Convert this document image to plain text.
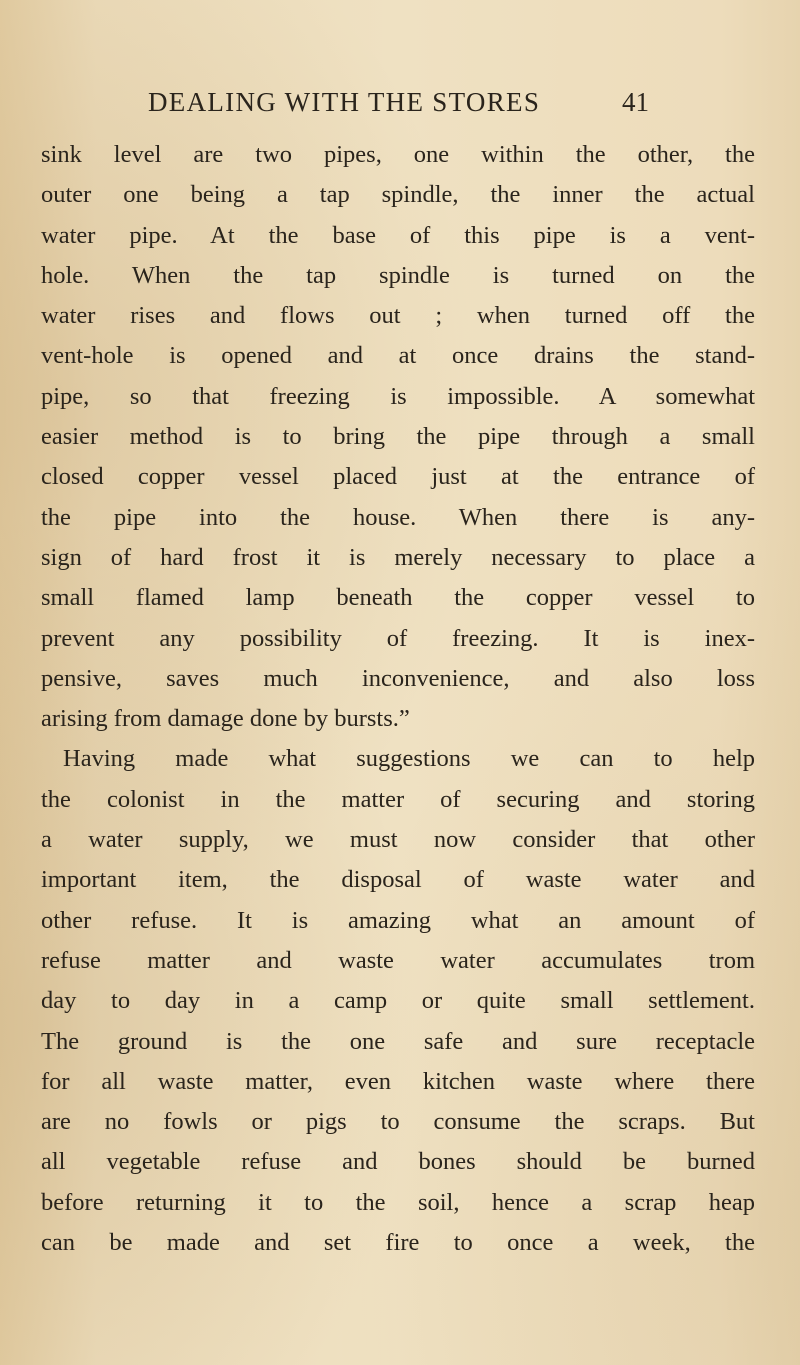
DEALING WITH THE STORES	41
sink level are two pipes, one within the other, the
outer one being a tap spindle, the inner the actual
water pipe. At the base of this pipe is a vent-
hole. When the tap spindle is turned on the
water rises and flows out ; when turned off the
vent-hole is opened and at once drains the stand-
pipe, so that freezing is impossible. A somewhat
easier method is to bring the pipe through a small
closed copper vessel placed just at the entrance of
the pipe into the house. When there is any-
sign of hard frost it is merely necessary to place a
small flamed lamp beneath the copper vessel to
prevent any possibility of freezing. It is inex-
pensive, saves much inconvenience, and also loss
arising from damage done by bursts.”
Having made what suggestions we can to help
the colonist in the matter of securing and storing
a water supply, we must now consider that other
important item, the disposal of waste water and
other refuse. It is amazing what an amount of
refuse matter and waste water accumulates trom
day to day in a camp or quite small settlement.
The ground is the one safe and sure receptacle
for all waste matter, even kitchen waste where there
are no fowls or pigs to consume the scraps. But
all vegetable refuse and bones should be burned
before returning it to the soil, hence a scrap heap
can be made and set fire to once a week, the
